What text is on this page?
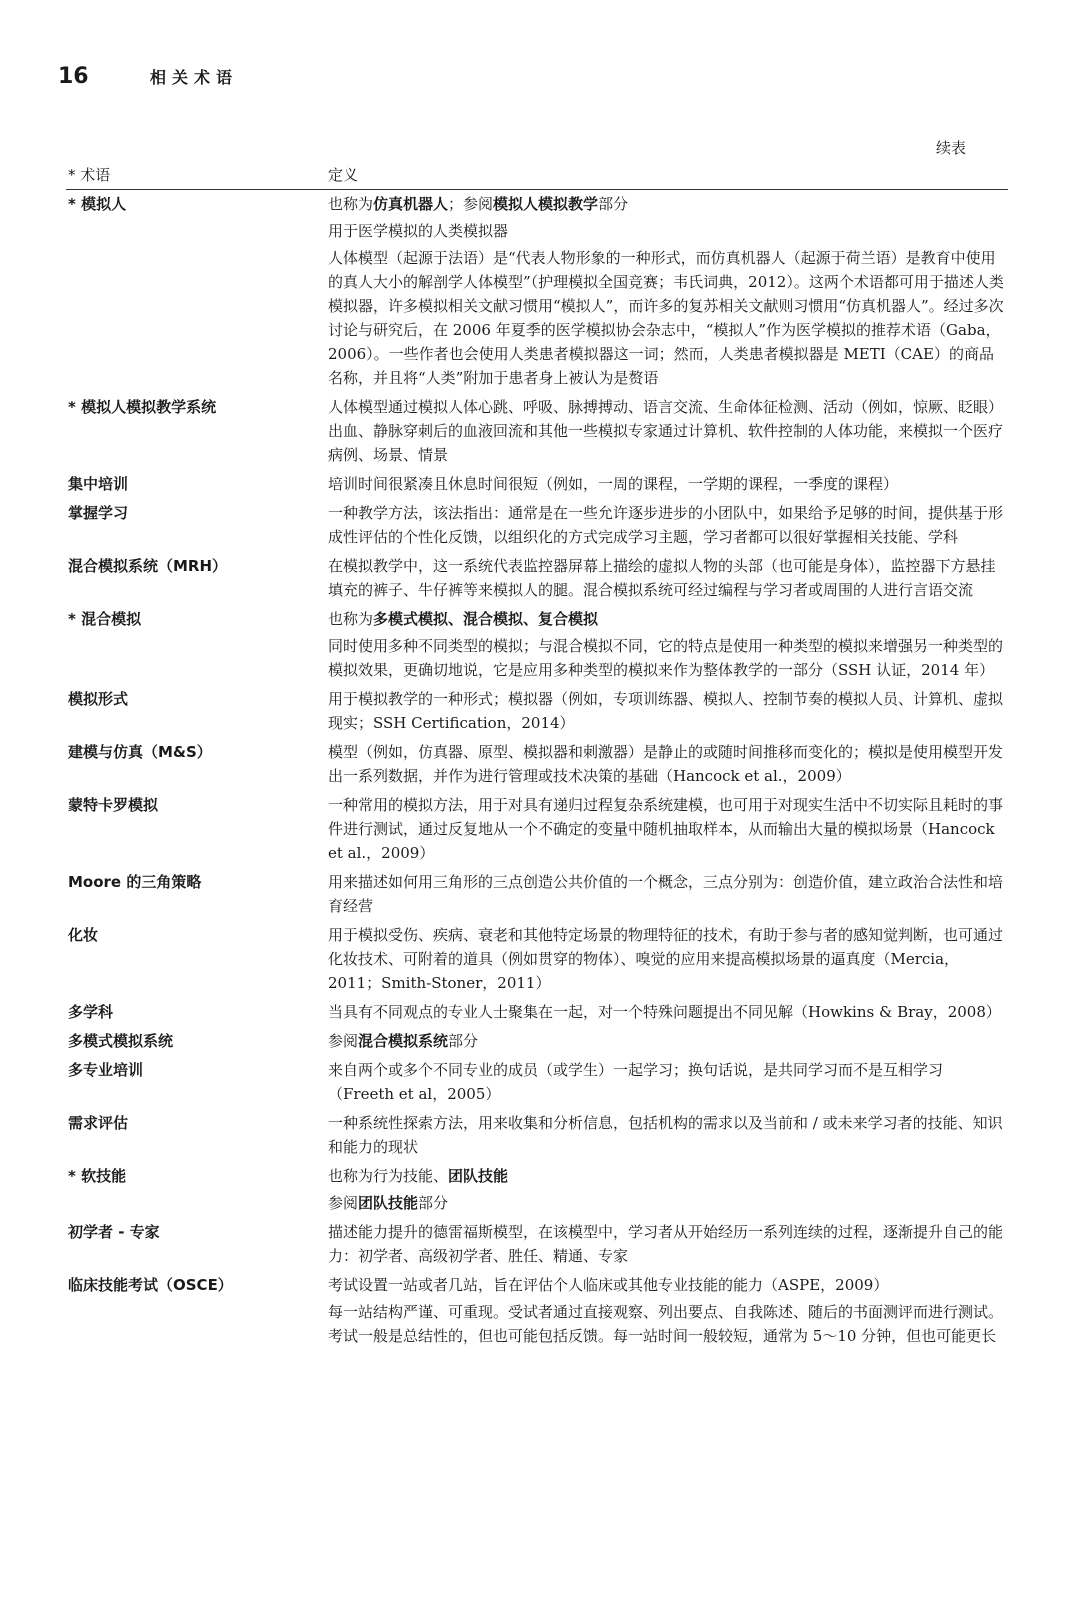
16	相关术语
续表
* 术语	定义
* 模拟人	也称为仿真机器人；参阅模拟人模拟教学部分
用于医学模拟的人类模拟器
人体模型（起源于法语）是“代表人物形象的一种形式，而仿真机器人（起源于荷兰语）是教育中使用的真人大小的解剖学人体模型”（护理模拟全国竞赛；韦氏词典，2012）。这两个术语都可用于描述人类模拟器，许多模拟相关文献习惯用“模拟人”，而许多的复苏相关文献则习惯用“仿真机器人”。经过多次讨论与研究后，在 2006 年夏季的医学模拟协会杂志中，“模拟人”作为医学模拟的推荐术语（Gaba，2006）。一些作者也会使用人类患者模拟器这一词；然而，人类患者模拟器是 METI（CAE）的商品名称，并且将“人类”附加于患者身上被认为是赘语
* 模拟人模拟教学系统	人体模型通过模拟人体心跳、呼吸、脉搏搏动、语言交流、生命体征检测、活动（例如，惊厥、眨眼）出血、静脉穿刺后的血液回流和其他一些模拟专家通过计算机、软件控制的人体功能，来模拟一个医疗病例、场景、情景
集中培训	培训时间很紧凑且休息时间很短（例如，一周的课程，一学期的课程，一季度的课程）
掌握学习	一种教学方法，该法指出：通常是在一些允许逐步进步的小团队中，如果给予足够的时间，提供基于形成性评估的个性化反馈，以组织化的方式完成学习主题，学习者都可以很好掌握相关技能、学科
混合模拟系统（MRH）	在模拟教学中，这一系统代表监控器屏幕上描绘的虚拟人物的头部（也可能是身体），监控器下方悬挂填充的裤子、牛仔裤等来模拟人的腿。混合模拟系统可经过编程与学习者或周围的人进行言语交流
* 混合模拟	也称为多模式模拟、混合模拟、复合模拟
同时使用多种不同类型的模拟；与混合模拟不同，它的特点是使用一种类型的模拟来增强另一种类型的模拟效果，更确切地说，它是应用多种类型的模拟来作为整体教学的一部分（SSH 认证，2014 年）
模拟形式	用于模拟教学的一种形式；模拟器（例如，专项训练器、模拟人、控制节奏的模拟人员、计算机、虚拟现实；SSH Certification，2014）
建模与仿真（M&S）	模型（例如，仿真器、原型、模拟器和刺激器）是静止的或随时间推移而变化的；模拟是使用模型开发出一系列数据，并作为进行管理或技术决策的基础（Hancock et al.，2009）
蒙特卡罗模拟	一种常用的模拟方法，用于对具有递归过程复杂系统建模，也可用于对现实生活中不切实际且耗时的事件进行测试，通过反复地从一个不确定的变量中随机抽取样本，从而输出大量的模拟场景（Hancock et al.，2009）
Moore 的三角策略	用来描述如何用三角形的三点创造公共价值的一个概念，三点分别为：创造价值，建立政治合法性和培育经营
化妆	用于模拟受伤、疾病、衰老和其他特定场景的物理特征的技术，有助于参与者的感知觉判断，也可通过化妆技术、可附着的道具（例如贯穿的物体）、嗅觉的应用来提高模拟场景的逼真度（Mercia，2011；Smith-Stoner，2011）
多学科	当具有不同观点的专业人士聚集在一起，对一个特殊问题提出不同见解（Howkins & Bray，2008）
多模式模拟系统	参阅混合模拟系统部分
多专业培训	来自两个或多个不同专业的成员（或学生）一起学习；换句话说，是共同学习而不是互相学习（Freeth et al，2005）
需求评估	一种系统性探索方法，用来收集和分析信息，包括机构的需求以及当前和 / 或未来学习者的技能、知识和能力的现状
* 软技能	也称为行为技能、团队技能
参阅团队技能部分
初学者 - 专家	描述能力提升的德雷福斯模型，在该模型中，学习者从开始经历一系列连续的过程，逐渐提升自己的能力：初学者、高级初学者、胜任、精通、专家
临床技能考试（OSCE）	考试设置一站或者几站，旨在评估个人临床或其他专业技能的能力（ASPE，2009）
每一站结构严谨、可重现。受试者通过直接观察、列出要点、自我陈述、随后的书面测评而进行测试。考试一般是总结性的，但也可能包括反馈。每一站时间一般较短，通常为 5～10 分钟，但也可能更长
